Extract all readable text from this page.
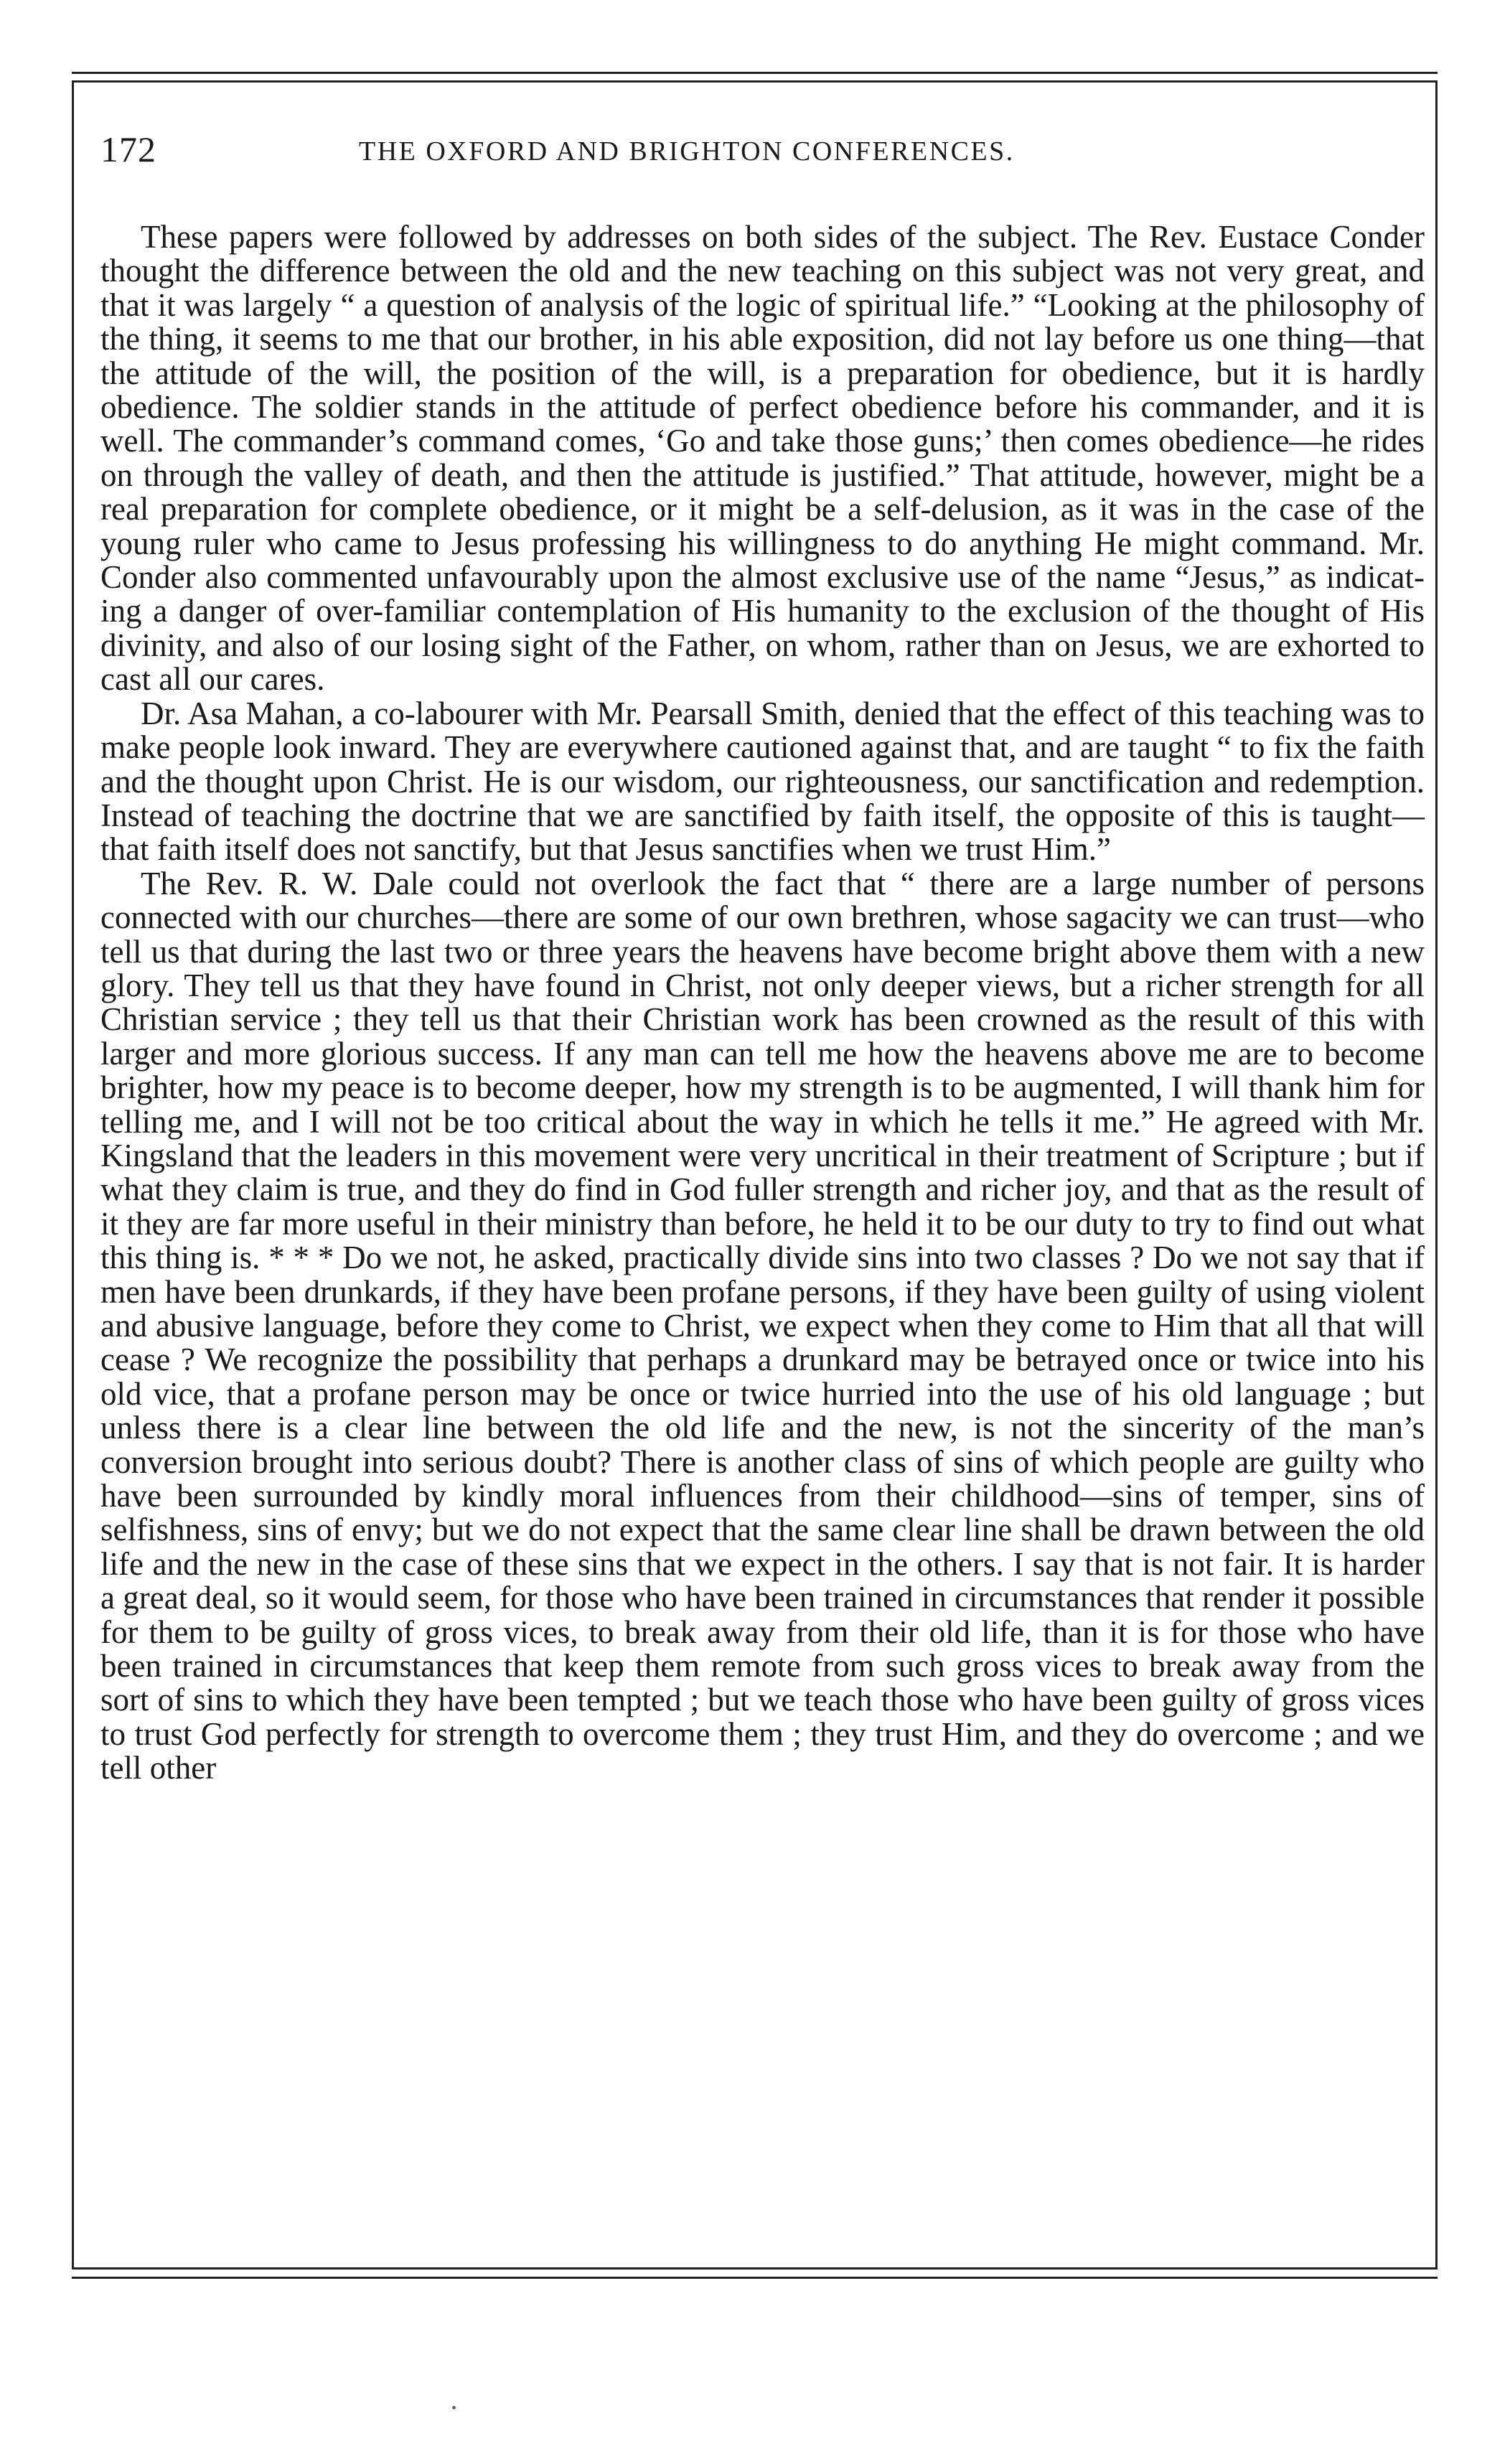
172	THE OXFORD AND BRIGHTON CONFERENCES.

These papers were followed by addresses on both sides of the subject. The Rev. Eustace Conder thought the difference between the old and the new teaching on this subject was not very great, and that it was largely “ a question of analysis of the logic of spiritual life.” “Looking at the philosophy of the thing, it seems to me that our brother, in his able exposition, did not lay before us one thing—that the attitude of the will, the position of the will, is a preparation for obedience, but it is hardly obedience. The soldier stands in the attitude of perfect obedience before his commander, and it is well. The commander’s command comes, ‘Go and take those guns;’ then comes obedience—he rides on through the valley of death, and then the attitude is justified.” That attitude, however, might be a real preparation for complete obedience, or it might be a self-delusion, as it was in the case of the young ruler who came to Jesus professing his willingness to do anything He might command. Mr. Conder also commented unfavourably upon the almost exclusive use of the name “Jesus,” as indicating a danger of over-familiar contemplation of His humanity to the exclusion of the thought of His divinity, and also of our losing sight of the Father, on whom, rather than on Jesus, we are exhorted to cast all our cares.

Dr. Asa Mahan, a co-labourer with Mr. Pearsall Smith, denied that the effect of this teaching was to make people look inward. They are everywhere cautioned against that, and are taught “ to fix the faith and the thought upon Christ. He is our wisdom, our righteousness, our sanctification and redemption. Instead of teaching the doctrine that we are sanctified by faith itself, the opposite of this is taught—that faith itself does not sanctify, but that Jesus sanctifies when we trust Him.”

The Rev. R. W. Dale could not overlook the fact that “ there are a large number of persons connected with our churches—there are some of our own brethren, whose sagacity we can trust—who tell us that during the last two or three years the heavens have become bright above them with a new glory. They tell us that they have found in Christ, not only deeper views, but a richer strength for all Christian service ; they tell us that their Christian work has been crowned as the result of this with larger and more glorious success. If any man can tell me how the heavens above me are to become brighter, how my peace is to become deeper, how my strength is to be augmented, I will thank him for telling me, and I will not be too critical about the way in which he tells it me.” He agreed with Mr. Kingsland that the leaders in this movement were very uncritical in their treatment of Scripture ; but if what they claim is true, and they do find in God fuller strength and richer joy, and that as the result of it they are far more useful in their ministry than before, he held it to be our duty to try to find out what this thing is. * * * Do we not, he asked, practically divide sins into two classes ? Do we not say that if men have been drunkards, if they have been profane persons, if they have been guilty of using violent and abusive language, before they come to Christ, we expect when they come to Him that all that will cease ? We recognize the possibility that perhaps a drunkard may be betrayed once or twice into his old vice, that a profane person may be once or twice hurried into the use of his old language ; but unless there is a clear line between the old life and the new, is not the sincerity of the man’s conversion brought into serious doubt? There is another class of sins of which people are guilty who have been surrounded by kindly moral influences from their childhood—sins of temper, sins of selfishness, sins of envy; but we do not expect that the same clear line shall be drawn between the old life and the new in the case of these sins that we expect in the others. I say that is not fair. It is harder a great deal, so it would seem, for those who have been trained in circumstances that render it possible for them to be guilty of gross vices, to break away from their old life, than it is for those who have been trained in circumstances that keep them remote from such gross vices to break away from the sort of sins to which they have been tempted ; but we teach those who have been guilty of gross vices to trust God perfectly for strength to overcome them ; they trust Him, and they do overcome ; and we tell other
